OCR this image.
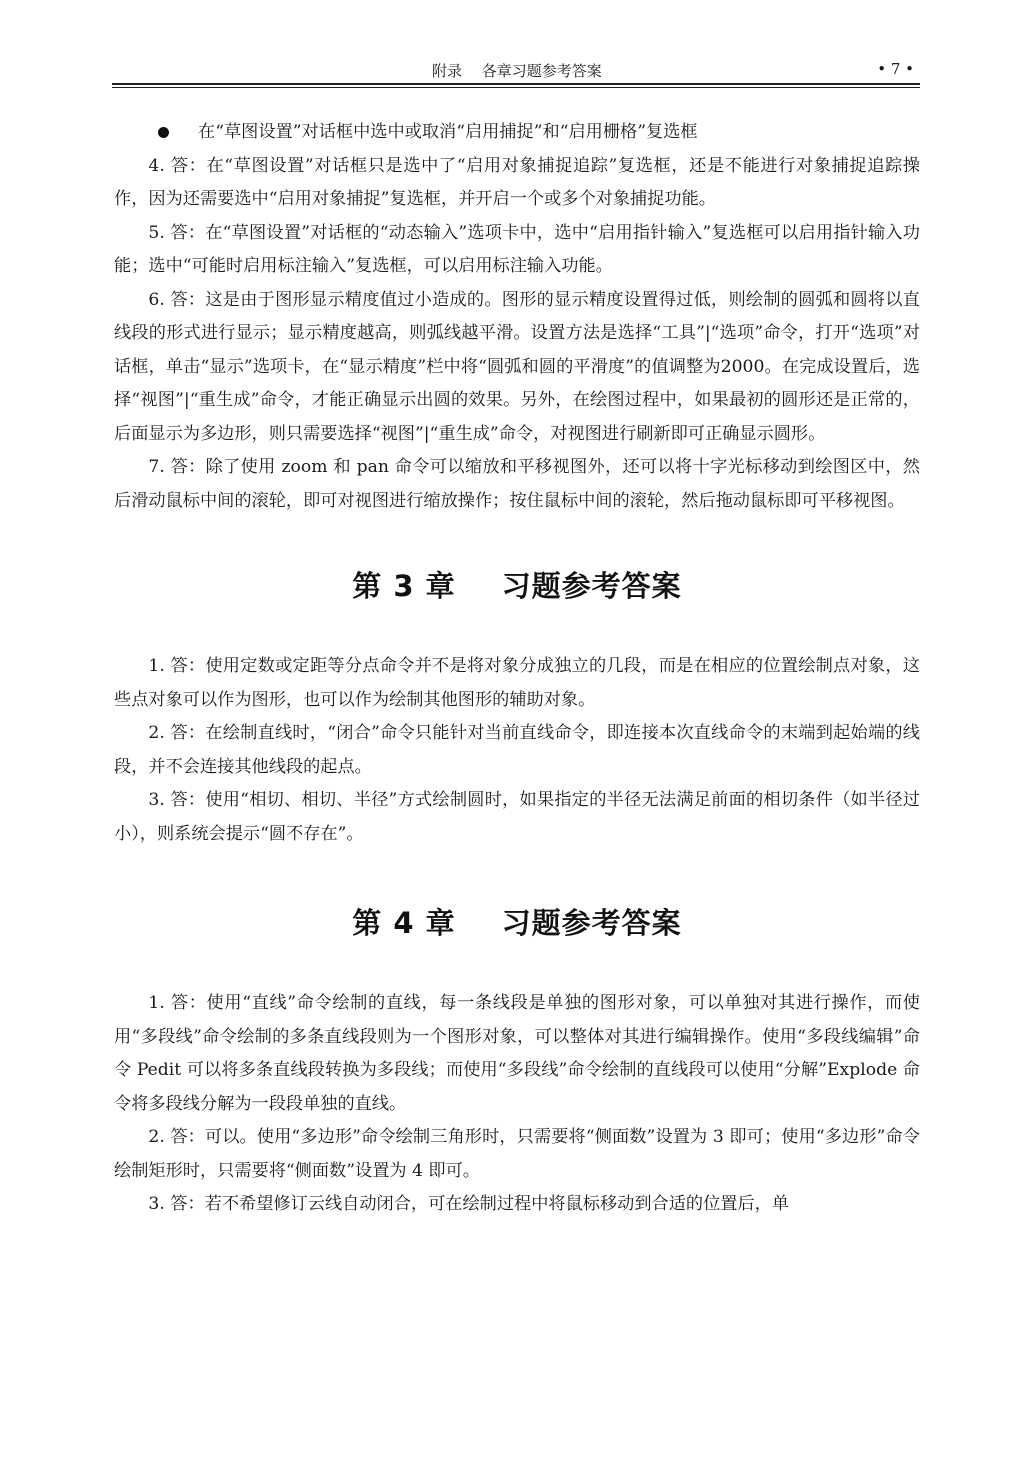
附录　 各章习题参考答案	• 7 •

在“草图设置”对话框中选中或取消“启用捕捉”和“启用栅格”复选框

4. 答：在“草图设置”对话框只是选中了“启用对象捕捉追踪”复选框，还是不能进行对象捕捉追踪操作，因为还需要选中“启用对象捕捉”复选框，并开启一个或多个对象捕捉功能。

5. 答：在“草图设置”对话框的“动态输入”选项卡中，选中“启用指针输入”复选框可以启用指针输入功能；选中“可能时启用标注输入”复选框，可以启用标注输入功能。

6. 答：这是由于图形显示精度值过小造成的。图形的显示精度设置得过低，则绘制的圆弧和圆将以直线段的形式进行显示；显示精度越高，则弧线越平滑。设置方法是选择“工具”|“选项”命令，打开“选项”对话框，单击“显示”选项卡，在“显示精度”栏中将“圆弧和圆的平滑度”的值调整为2000。在完成设置后，选择“视图”|“重生成”命令，才能正确显示出圆的效果。另外，在绘图过程中，如果最初的圆形还是正常的，后面显示为多边形，则只需要选择“视图”|“重生成”命令，对视图进行刷新即可正确显示圆形。

7. 答：除了使用 zoom 和 pan 命令可以缩放和平移视图外，还可以将十字光标移动到绘图区中，然后滑动鼠标中间的滚轮，即可对视图进行缩放操作；按住鼠标中间的滚轮，然后拖动鼠标即可平移视图。

第 3 章 习题参考答案

1. 答：使用定数或定距等分点命令并不是将对象分成独立的几段，而是在相应的位置绘制点对象，这些点对象可以作为图形，也可以作为绘制其他图形的辅助对象。

2. 答：在绘制直线时，“闭合”命令只能针对当前直线命令，即连接本次直线命令的末端到起始端的线段，并不会连接其他线段的起点。

3. 答：使用“相切、相切、半径”方式绘制圆时，如果指定的半径无法满足前面的相切条件（如半径过小），则系统会提示“圆不存在”。

第 4 章 习题参考答案

1. 答：使用“直线”命令绘制的直线，每一条线段是单独的图形对象，可以单独对其进行操作，而使用“多段线”命令绘制的多条直线段则为一个图形对象，可以整体对其进行编辑操作。使用“多段线编辑”命令 Pedit 可以将多条直线段转换为多段线；而使用“多段线”命令绘制的直线段可以使用“分解”Explode 命令将多段线分解为一段段单独的直线。

2. 答：可以。使用“多边形”命令绘制三角形时，只需要将“侧面数”设置为 3 即可；使用“多边形”命令绘制矩形时，只需要将“侧面数”设置为 4 即可。

3. 答：若不希望修订云线自动闭合，可在绘制过程中将鼠标移动到合适的位置后，单
